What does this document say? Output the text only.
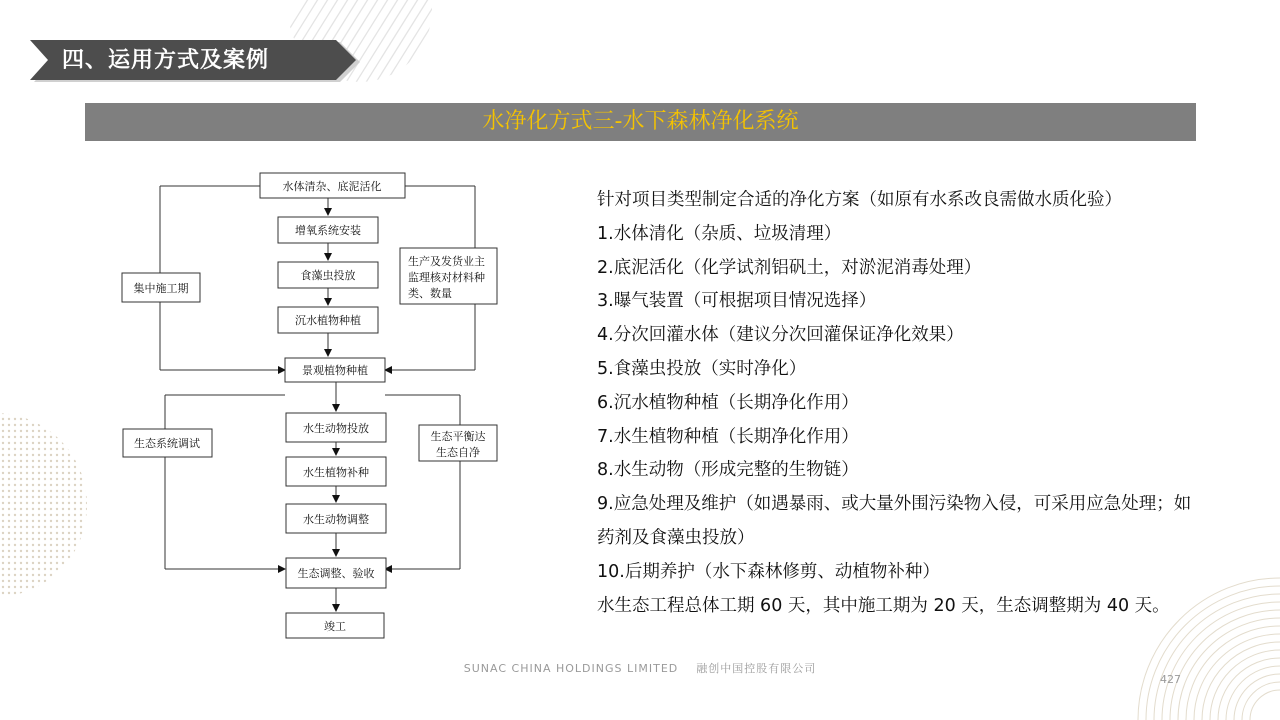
四、运用方式及案例
水净化方式三-水下森林净化系统
水体清杂、底泥活化
增氧系统安装
食藻虫投放
沉水植物种植
景观植物种植
水生动物投放
水生植物补种
水生动物调整
生态调整、验收
竣工
集中施工期
生产及发货业主
监理核对材料种
类、数量
生态系统调试
生态平衡达
生态自净
针对项目类型制定合适的净化方案（如原有水系改良需做水质化验）
1.水体清化（杂质、垃圾清理）
2.底泥活化（化学试剂铝矾土，对淤泥消毒处理）
3.曝气装置（可根据项目情况选择）
4.分次回灌水体（建议分次回灌保证净化效果）
5.食藻虫投放（实时净化）
6.沉水植物种植（长期净化作用）
7.水生植物种植（长期净化作用）
8.水生动物（形成完整的生物链）
9.应急处理及维护（如遇暴雨、或大量外围污染物入侵，可采用应急处理；如
药剂及食藻虫投放）
10.后期养护（水下森林修剪、动植物补种）
水生态工程总体工期 60 天，其中施工期为 20 天，生态调整期为 40 天。
SUNAC CHINA HOLDINGS LIMITED 融创中国控股有限公司
427
